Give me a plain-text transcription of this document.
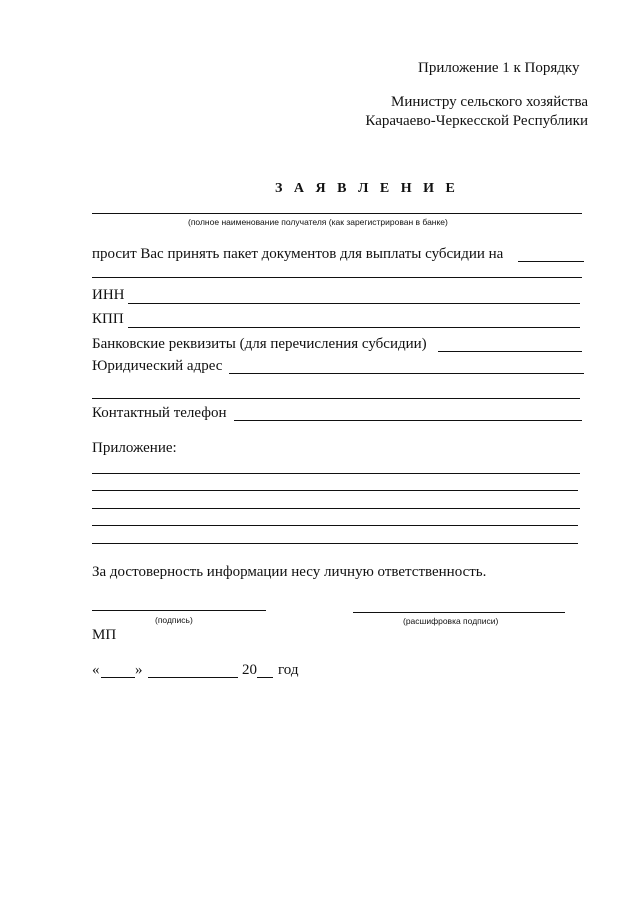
Приложение 1 к Порядку
Министру сельского хозяйства
Карачаево-Черкесской Республики
З А Я В Л Е Н И Е
(полное наименование получателя (как зарегистрирован в банке)
просит Вас принять пакет документов для выплаты субсидии на
ИНН
КПП
Банковские реквизиты (для перечисления субсидии)
Юридический адрес
Контактный телефон
Приложение:
За достоверность информации несу личную ответственность.
(подпись)	(расшифровка подписи)
МП
« »	20 год
